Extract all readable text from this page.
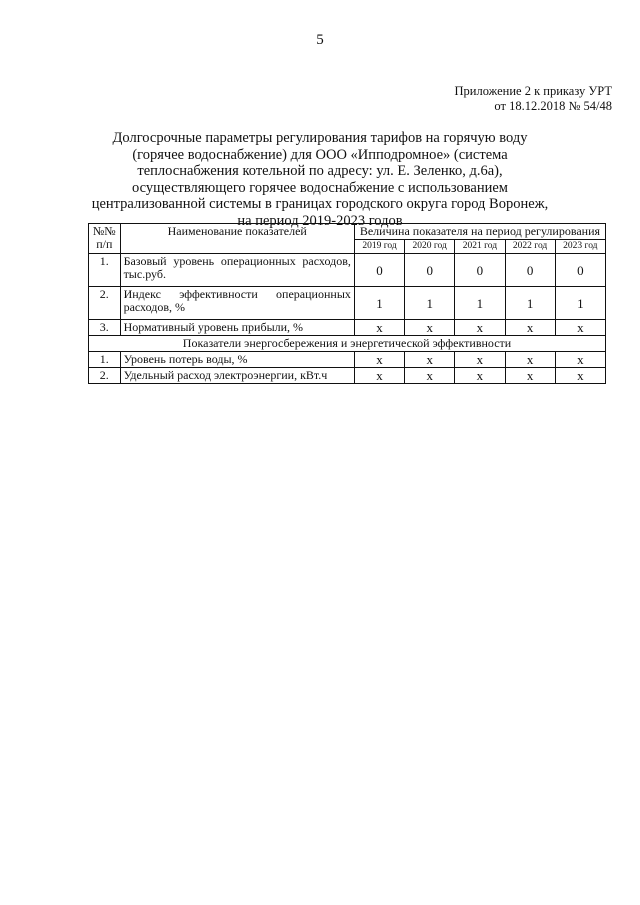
5
Приложение 2 к приказу УРТ
от 18.12.2018 № 54/48
Долгосрочные параметры регулирования тарифов на горячую воду (горячее водоснабжение) для ООО «Ипподромное» (система теплоснабжения котельной по адресу: ул. Е. Зеленко, д.6а), осуществляющего горячее водоснабжение с использованием централизованной системы в границах городского округа город Воронеж, на период 2019-2023 годов
№№ п/п	Наименование показателей	Величина показателя на период регулирования				
		2019 год	2020 год	2021 год	2022 год	2023 год
1.	Базовый уровень операционных расходов, тыс.руб.	0	0	0	0	0
2.	Индекс эффективности операционных расходов, %	1	1	1	1	1
3.	Нормативный уровень прибыли, %	х	х	х	х	х
Показатели энергосбережения и энергетической эффективности						
1.	Уровень потерь воды, %	х	х	х	х	х
2.	Удельный расход электроэнергии, кВт.ч	х	х	х	х	х
